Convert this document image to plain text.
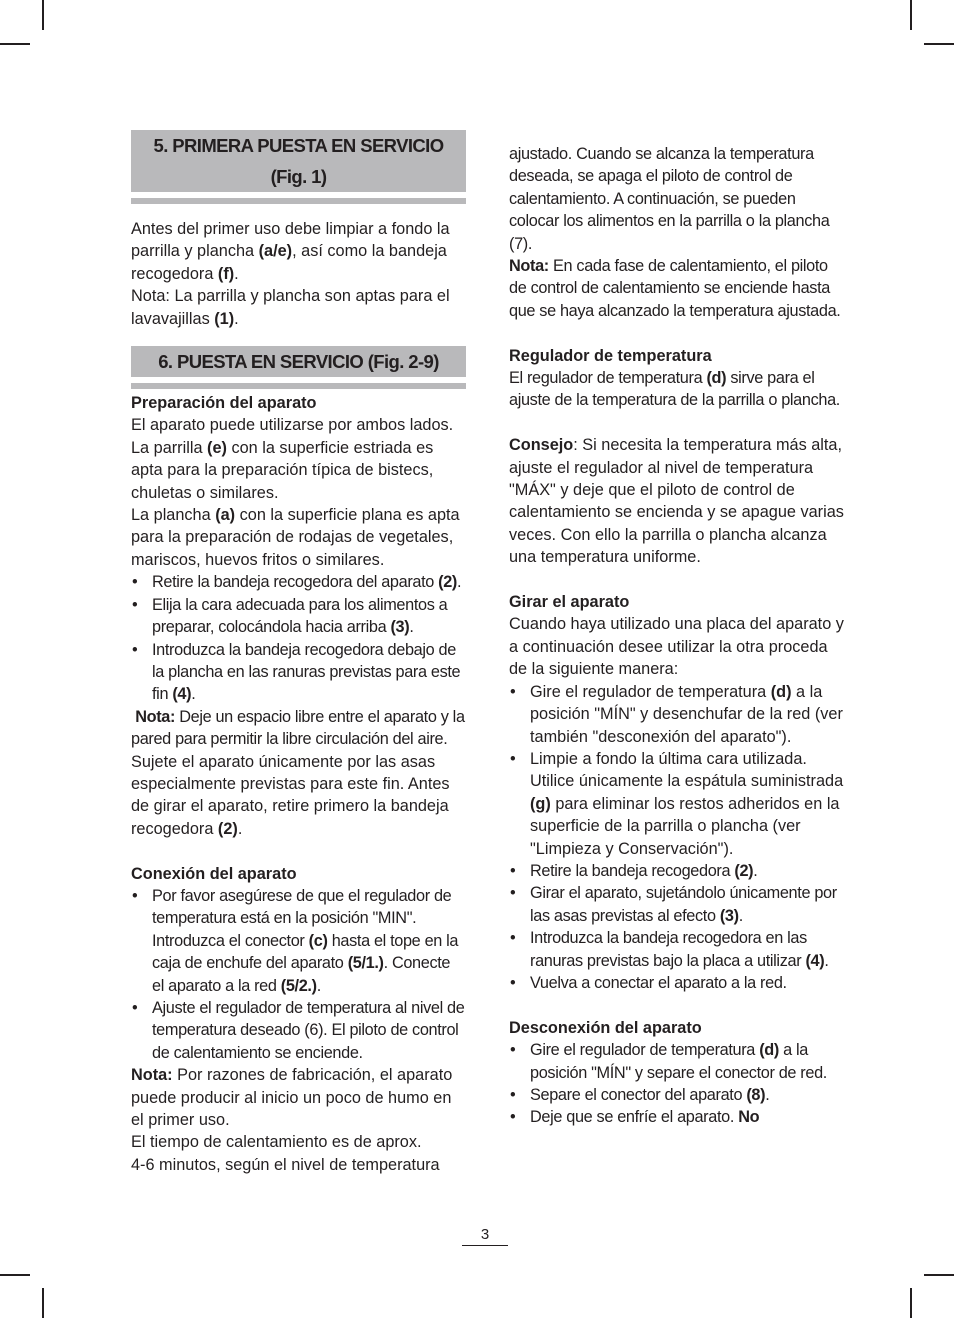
5. PRIMERA PUESTA EN SERVICIO
(Fig. 1)

Antes del primer uso debe limpiar a fondo la parrilla y plancha (a/e), así como la bandeja recogedora (f).

Nota: La parrilla y plancha son aptas para el lavavajillas (1).

6. PUESTA EN SERVICIO (Fig. 2-9)

Preparación del aparato

El aparato puede utilizarse por ambos lados.

La parrilla (e) con la superficie estriada es apta para la preparación típica de bistecs, chuletas o similares.

La plancha (a) con la superficie plana es apta para la preparación de rodajas de vegetales, mariscos, huevos fritos o similares.

• Retire la bandeja recogedora del aparato (2).
• Elija la cara adecuada para los alimentos a preparar, colocándola hacia arriba (3).
• Introduzca la bandeja recogedora debajo de la plancha en las ranuras previstas para este fin (4).

Nota: Deje un espacio libre entre el aparato y la pared para permitir la libre circulación del aire.

Sujete el aparato únicamente por las asas especialmente previstas para este fin. Antes de girar el aparato, retire primero la bandeja recogedora (2).

Conexión del aparato

• Por favor asegúrese de que el regulador de temperatura está en la posición "MIN". Introduzca el conector (c) hasta el tope en la caja de enchufe del aparato (5/1.). Conecte el aparato a la red (5/2.).
• Ajuste el regulador de temperatura al nivel de temperatura deseado (6). El piloto de control de calentamiento se enciende.

Nota: Por razones de fabricación, el aparato puede producir al inicio un poco de humo en el primer uso.

El tiempo de calentamiento es de aprox.

4-6 minutos, según el nivel de temperatura

ajustado. Cuando se alcanza la temperatura deseada, se apaga el piloto de control de calentamiento. A continuación, se pueden colocar los alimentos en la parrilla o la plancha (7).

Nota: En cada fase de calentamiento, el piloto de control de calentamiento se enciende hasta que se haya alcanzado la temperatura ajustada.

Regulador de temperatura

El regulador de temperatura (d) sirve para el ajuste de la temperatura de la parrilla o plancha.

Consejo: Si necesita la temperatura más alta, ajuste el regulador al nivel de temperatura "MÁX" y deje que el piloto de control de calentamiento se encienda y se apague varias veces. Con ello la parrilla o plancha alcanza una temperatura uniforme.

Girar el aparato

Cuando haya utilizado una placa del aparato y a continuación desee utilizar la otra proceda de la siguiente manera:

• Gire el regulador de temperatura (d) a la posición "MÍN" y desenchufar de la red (ver también "desconexión del aparato").
• Limpie a fondo la última cara utilizada. Utilice únicamente la espátula suministrada (g) para eliminar los restos adheridos en la superficie de la parrilla o plancha (ver "Limpieza y Conservación").
• Retire la bandeja recogedora (2).
• Girar el aparato, sujetándolo únicamente por las asas previstas al efecto (3).
• Introduzca la bandeja recogedora en las ranuras previstas bajo la placa a utilizar (4).
• Vuelva a conectar el aparato a la red.

Desconexión del aparato

• Gire el regulador de temperatura (d) a la posición "MÍN" y separe el conector de red.
• Separe el conector del aparato (8).
• Deje que se enfríe el aparato. No
3
